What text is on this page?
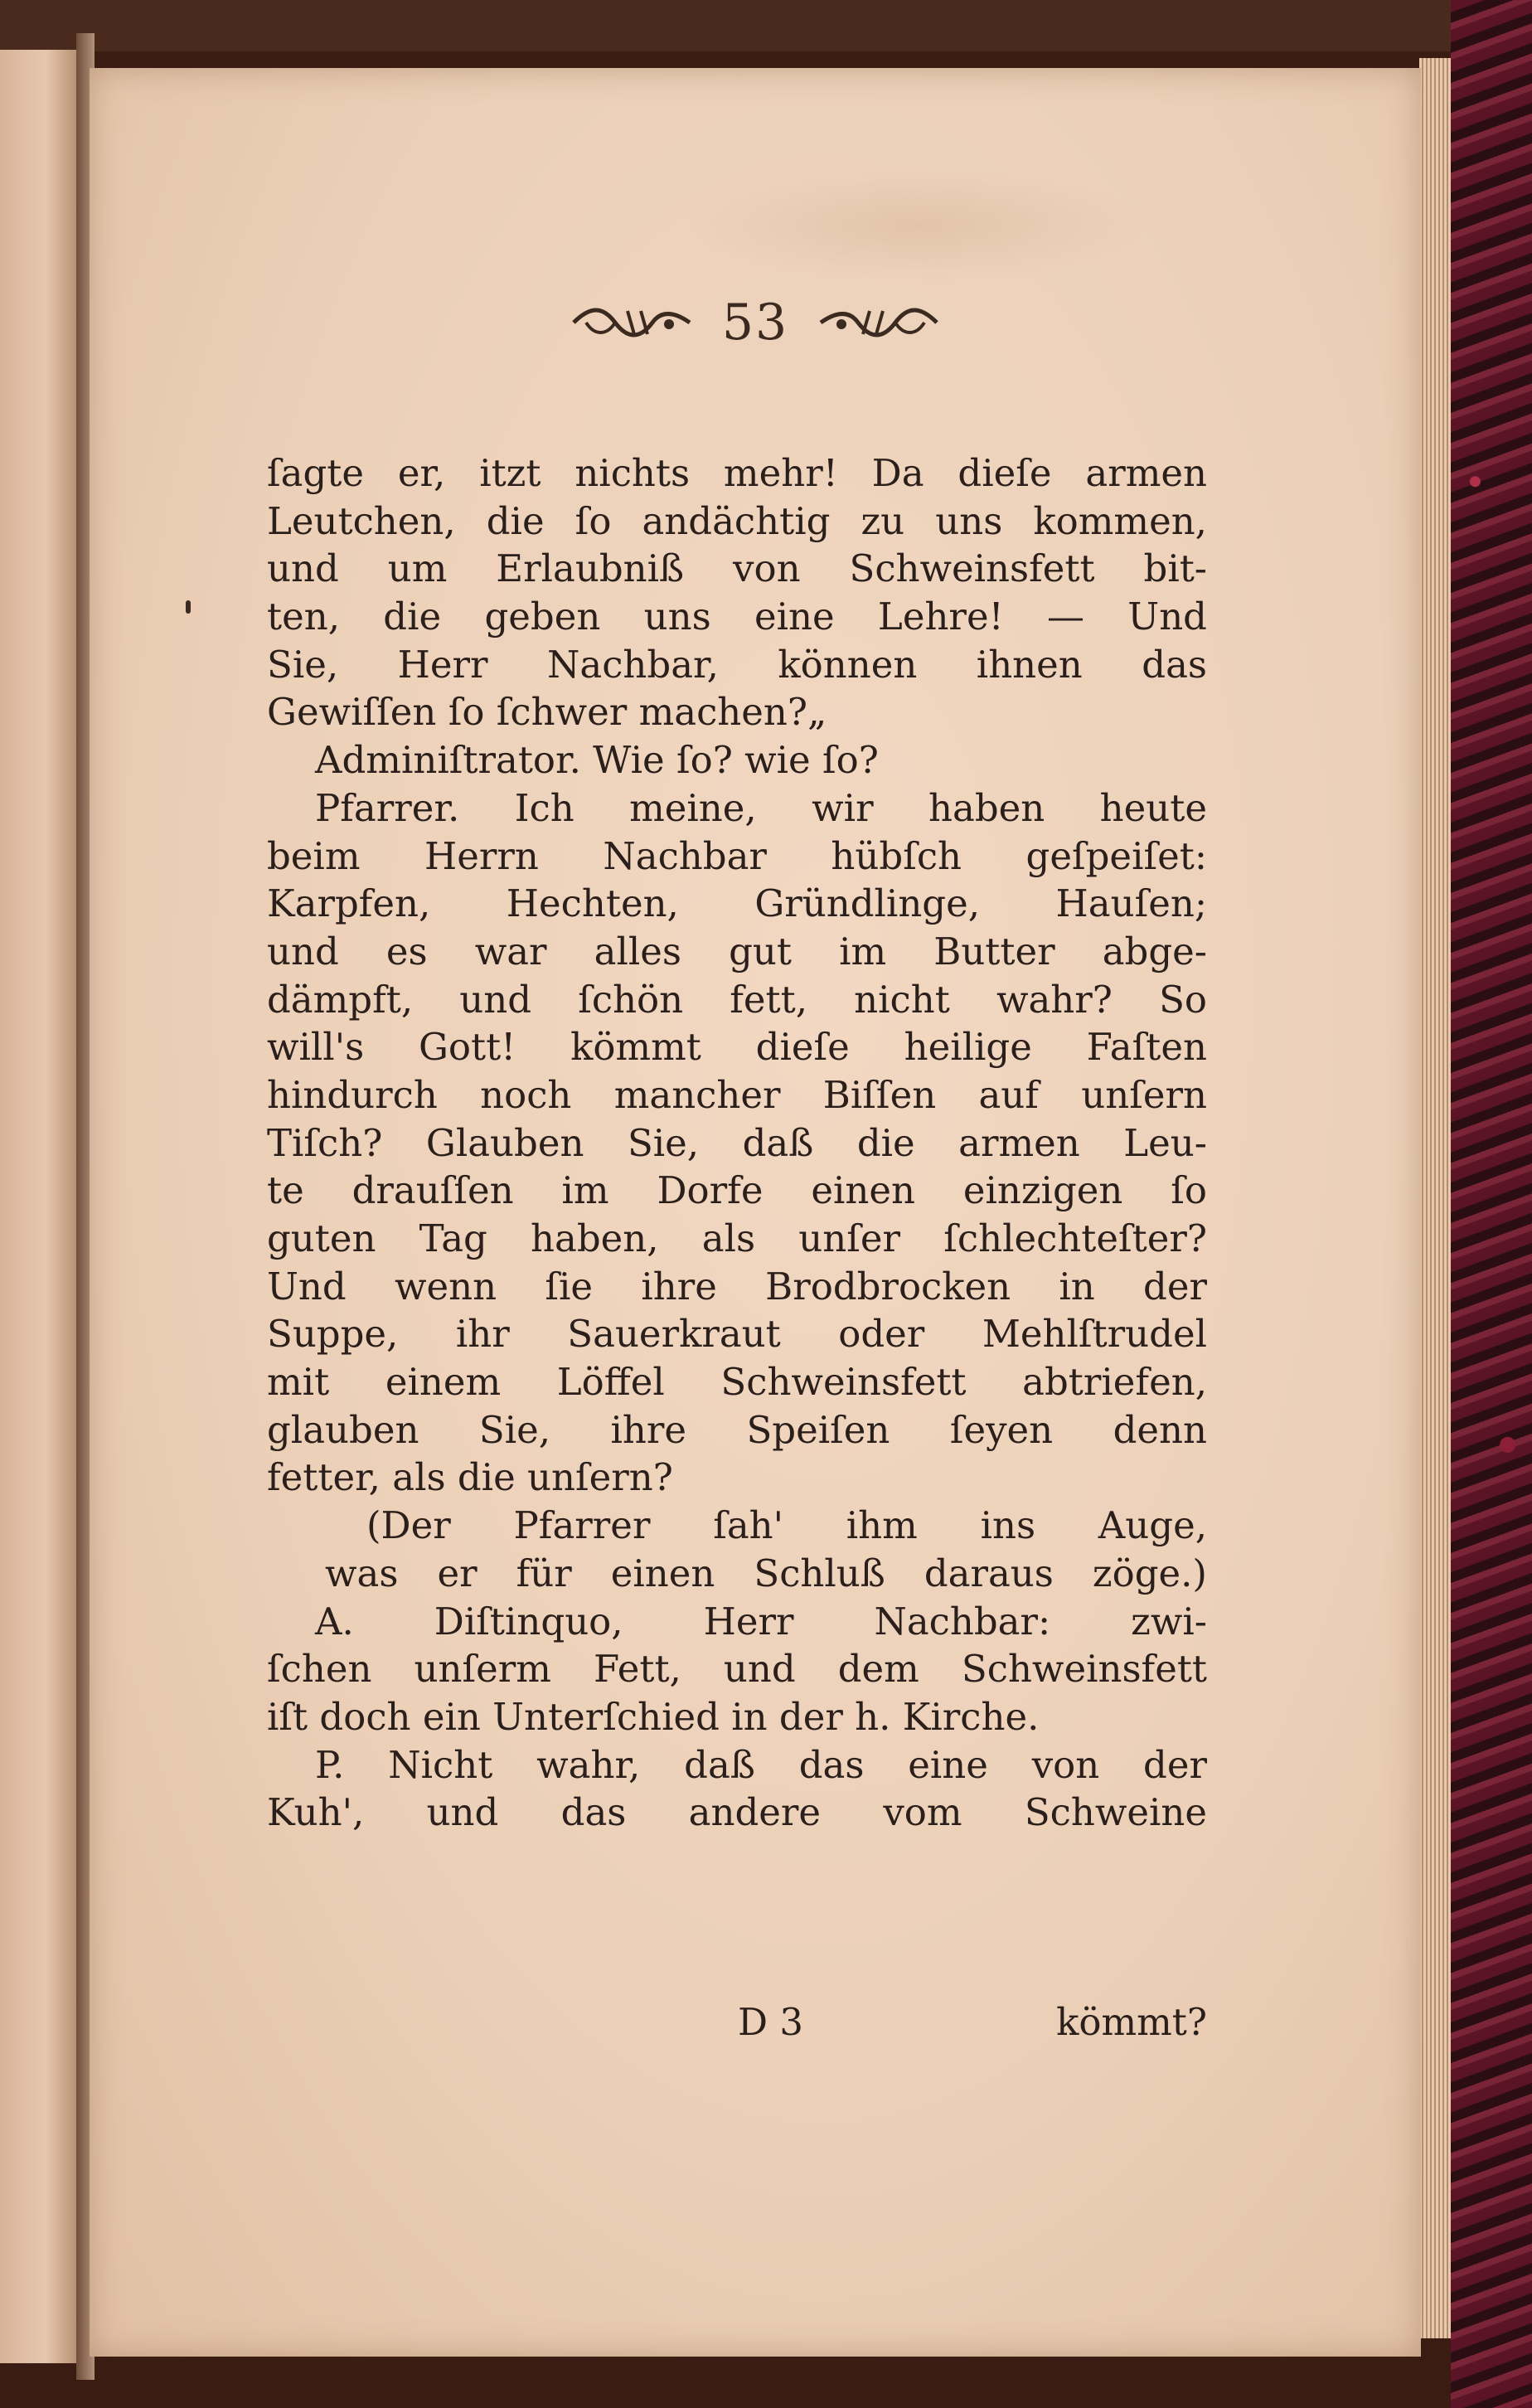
53
ſagte er, itzt nichts mehr! Da dieſe armen
Leutchen, die ſo andächtig zu uns kommen,
und um Erlaubniß von Schweinsfett bit-
ten, die geben uns eine Lehre! — Und
Sie, Herr Nachbar, können ihnen das
Gewiſſen ſo ſchwer machen?„
Adminiſtrator. Wie ſo? wie ſo?
Pfarrer. Ich meine, wir haben heute
beim Herrn Nachbar hübſch geſpeiſet:
Karpfen, Hechten, Gründlinge, Hauſen;
und es war alles gut im Butter abge-
dämpft, und ſchön fett, nicht wahr? So
will's Gott! kömmt dieſe heilige Faſten
hindurch noch mancher Biſſen auf unſern
Tiſch? Glauben Sie, daß die armen Leu-
te drauſſen im Dorfe einen einzigen ſo
guten Tag haben, als unſer ſchlechteſter?
Und wenn ſie ihre Brodbrocken in der
Suppe, ihr Sauerkraut oder Mehlſtrudel
mit einem Löffel Schweinsfett abtriefen,
glauben Sie, ihre Speiſen ſeyen denn
fetter, als die unſern?
(Der Pfarrer ſah' ihm ins Auge,
was er für einen Schluß daraus zöge.)
A. Diſtinquo, Herr Nachbar: zwi-
ſchen unſerm Fett, und dem Schweinsfett
iſt doch ein Unterſchied in der h. Kirche.
P. Nicht wahr, daß das eine von der
Kuh', und das andere vom Schweine
D 3	kömmt?
